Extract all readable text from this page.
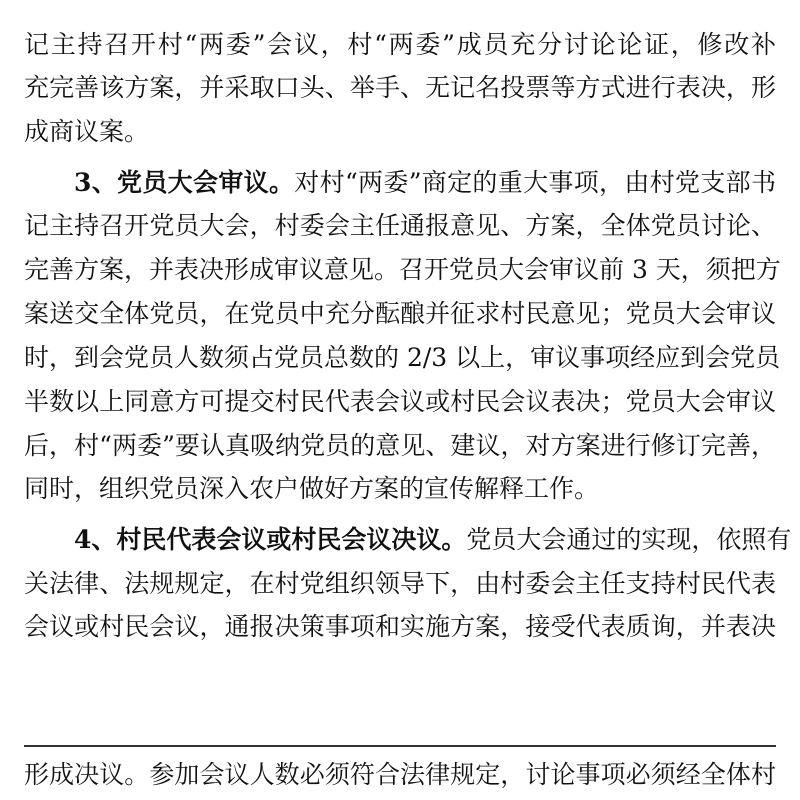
记主持召开村“两委”会议，村“两委”成员充分讨论论证，修改补
充完善该方案，并采取口头、举手、无记名投票等方式进行表决，形
成商议案。
3、党员大会审议。对村“两委”商定的重大事项，由村党支部书
记主持召开党员大会，村委会主任通报意见、方案，全体党员讨论、
完善方案，并表决形成审议意见。召开党员大会审议前 3 天，须把方
案送交全体党员，在党员中充分酝酿并征求村民意见；党员大会审议
时，到会党员人数须占党员总数的 2/3 以上，审议事项经应到会党员
半数以上同意方可提交村民代表会议或村民会议表决；党员大会审议
后，村“两委”要认真吸纳党员的意见、建议，对方案进行修订完善，
同时，组织党员深入农户做好方案的宣传解释工作。
4、村民代表会议或村民会议决议。党员大会通过的实现，依照有
关法律、法规规定，在村党组织领导下，由村委会主任支持村民代表
会议或村民会议，通报决策事项和实施方案，接受代表质询，并表决
形成决议。参加会议人数必须符合法律规定，讨论事项必须经全体村
